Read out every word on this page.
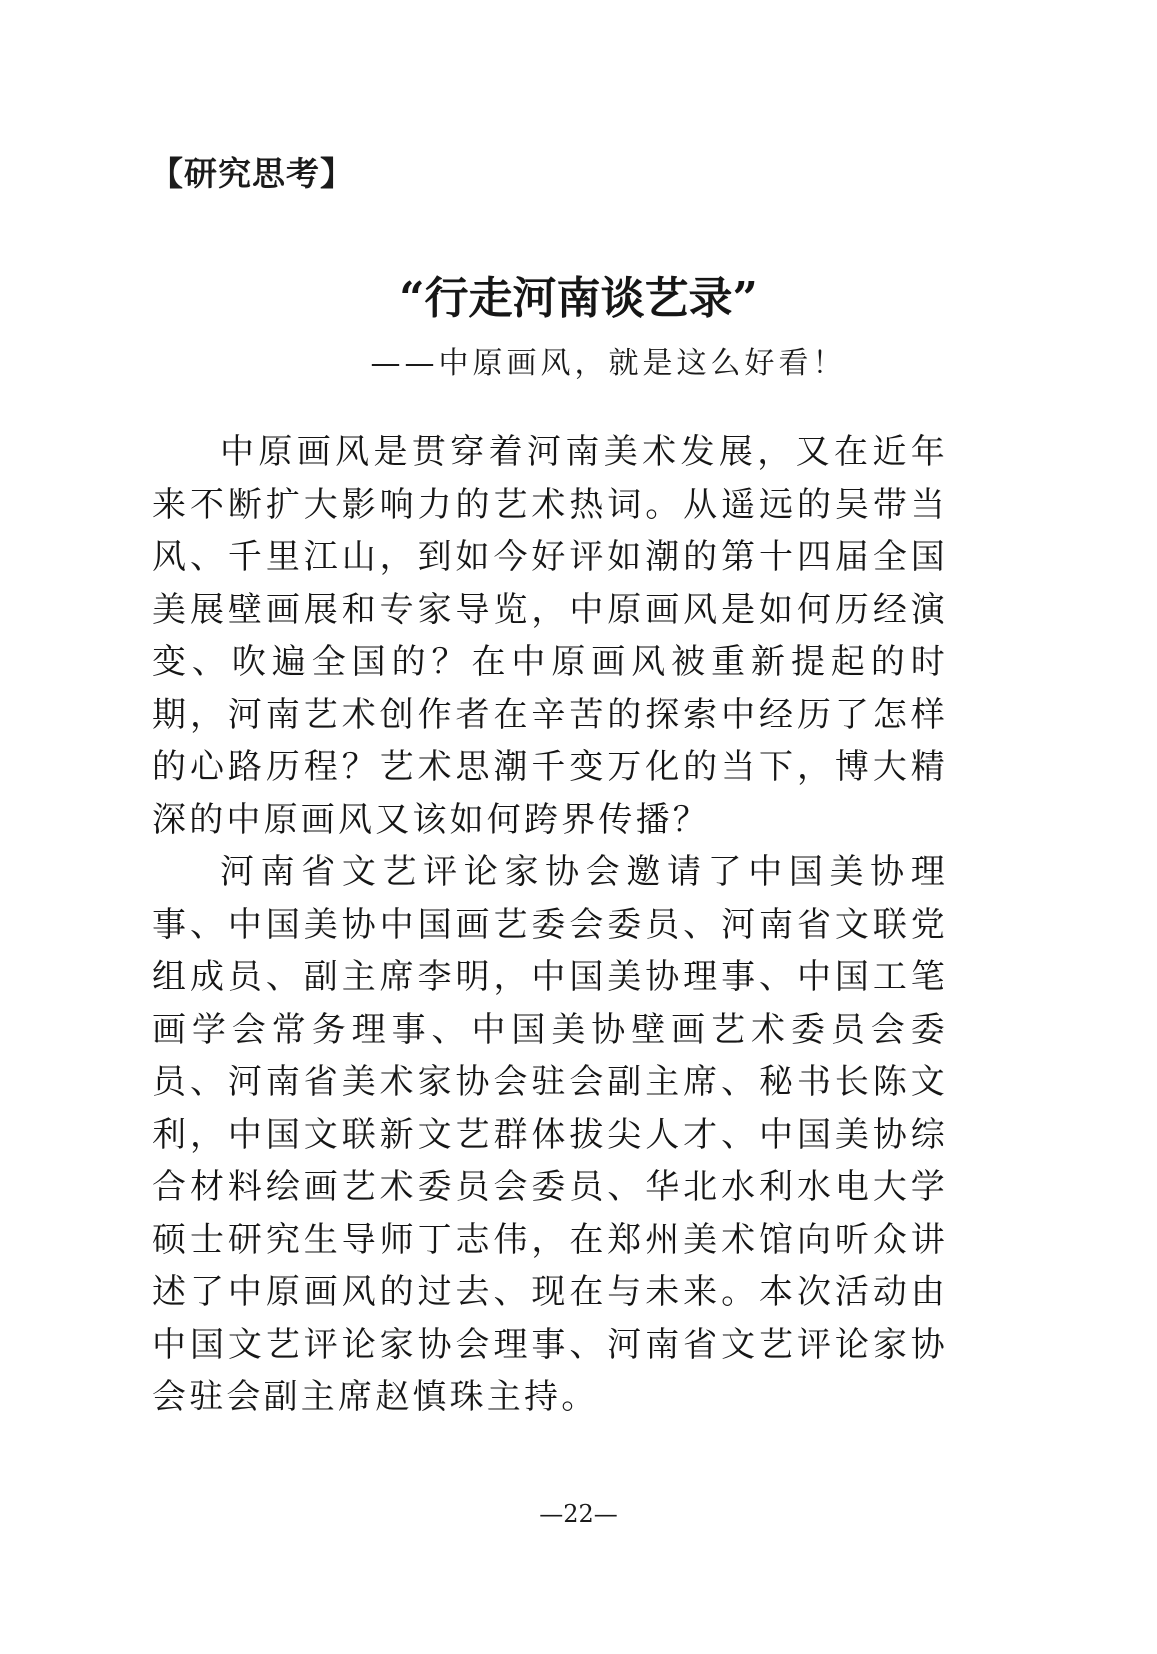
【研究思考】
“行走河南谈艺录”
——中原画风，就是这么好看！

中原画风是贯穿着河南美术发展，又在近年来不断扩大影响力的艺术热词。从遥远的吴带当风、千里江山，到如今好评如潮的第十四届全国美展壁画展和专家导览，中原画风是如何历经演变、吹遍全国的？在中原画风被重新提起的时期，河南艺术创作者在辛苦的探索中经历了怎样的心路历程？艺术思潮千变万化的当下，博大精深的中原画风又该如何跨界传播？

河南省文艺评论家协会邀请了中国美协理事、中国美协中国画艺委会委员、河南省文联党组成员、副主席李明，中国美协理事、中国工笔画学会常务理事、中国美协壁画艺术委员会委员、河南省美术家协会驻会副主席、秘书长陈文利，中国文联新文艺群体拔尖人才、中国美协综合材料绘画艺术委员会委员、华北水利水电大学硕士研究生导师丁志伟，在郑州美术馆向听众讲述了中原画风的过去、现在与未来。本次活动由中国文艺评论家协会理事、河南省文艺评论家协会驻会副主席赵慎珠主持。

—22—
